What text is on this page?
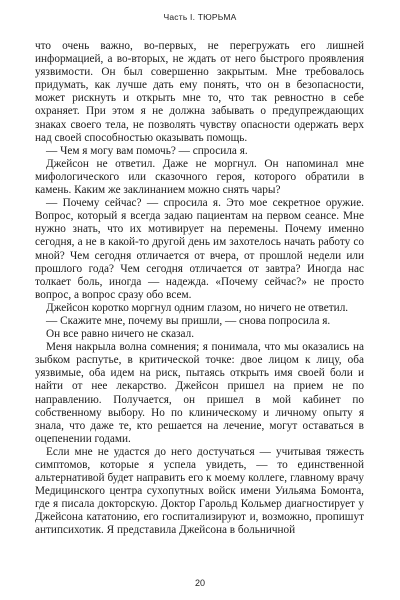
Часть I. ТЮРЬМА

что очень важно, во-первых, не перегружать его лишней информацией, а во-вторых, не ждать от него быстрого проявления уязвимости. Он был совершенно закрытым. Мне требовалось придумать, как лучше дать ему понять, что он в безопасности, может рискнуть и открыть мне то, что так ревностно в себе охраняет. При этом я не должна забывать о предупреждающих знаках своего тела, не позволять чувству опасности одержать верх над своей способностью оказывать помощь.

— Чем я могу вам помочь? — спросила я.

Джейсон не ответил. Даже не моргнул. Он напоминал мне мифологического или сказочного героя, которого обратили в камень. Каким же заклинанием можно снять чары?

— Почему сейчас? — спросила я. Это мое секретное оружие. Вопрос, который я всегда задаю пациентам на первом сеансе. Мне нужно знать, что их мотивирует на перемены. Почему именно сегодня, а не в какой-то другой день им захотелось начать работу со мной? Чем сегодня отличается от вчера, от прошлой недели или прошлого года? Чем сегодня отличается от завтра? Иногда нас толкает боль, иногда — надежда. «Почему сейчас?» не просто вопрос, а вопрос сразу обо всем.

Джейсон коротко моргнул одним глазом, но ничего не ответил.

— Скажите мне, почему вы пришли, — снова попросила я.

Он все равно ничего не сказал.

Меня накрыла волна сомнения; я понимала, что мы оказались на зыбком распутье, в критической точке: двое лицом к лицу, оба уязвимые, оба идем на риск, пытаясь открыть имя своей боли и найти от нее лекарство. Джейсон пришел на прием не по направлению. Получается, он пришел в мой кабинет по собственному выбору. Но по клиническому и личному опыту я знала, что даже те, кто решается на лечение, могут оставаться в оцепенении годами.

Если мне не удастся до него достучаться — учитывая тяжесть симптомов, которые я успела увидеть, — то единственной альтернативой будет направить его к моему коллеге, главному врачу Медицинского центра сухопутных войск имени Уильяма Бомонта, где я писала докторскую. Доктор Гарольд Кольмер диагностирует у Джейсона кататонию, его госпитализируют и, возможно, пропишут антипсихотик. Я представила Джейсона в больничной

20
